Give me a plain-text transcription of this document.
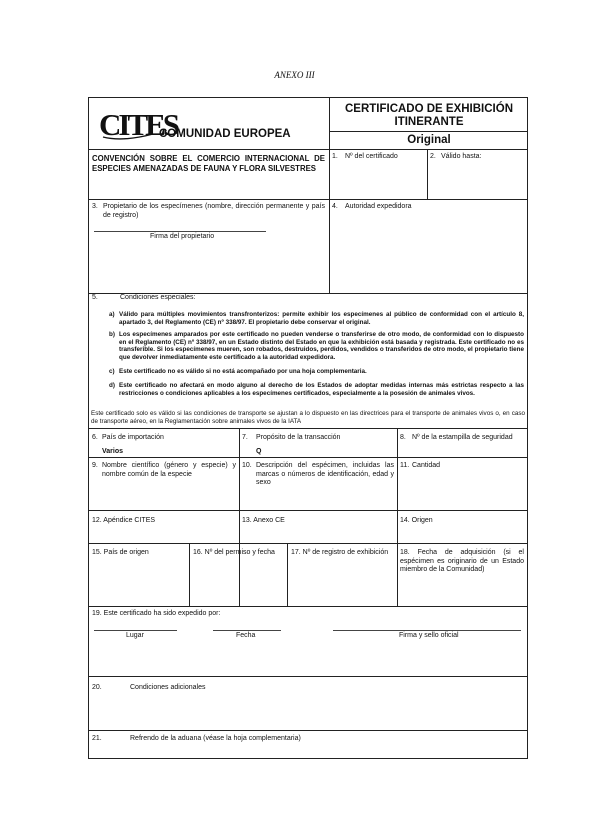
ANEXO III
CITES
COMUNIDAD EUROPEA
CERTIFICADO DE EXHIBICIÓN ITINERANTE
Original
CONVENCIÓN SOBRE EL COMERCIO INTERNACIONAL DE ESPECIES AMENAZADAS DE FAUNA Y FLORA SILVESTRES
1. Nº del certificado	2. Válido hasta:
3. Propietario de los especímenes (nombre, dirección permanente y país de registro)
Firma del propietario
4. Autoridad expedidora
5.	Condiciones especiales:
a) Válido para múltiples movimientos transfronterizos: permite exhibir los especímenes al público de conformidad con el artículo 8, apartado 3, del Reglamento (CE) nº 338/97. El propietario debe conservar el original.
b) Los especímenes amparados por este certificado no pueden venderse o transferirse de otro modo, de conformidad con lo dispuesto en el Reglamento (CE) nº 338/97, en un Estado distinto del Estado en que la exhibición está basada y registrada. Este certificado no es transferible. Si los especímenes mueren, son robados, destruidos, perdidos, vendidos o transferidos de otro modo, el propietario tiene que devolver inmediatamente este certificado a la autoridad expedidora.
c) Este certificado no es válido si no está acompañado por una hoja complementaria.
d) Este certificado no afectará en modo alguno al derecho de los Estados de adoptar medidas internas más estrictas respecto a las restricciones o condiciones aplicables a los especímenes certificados, especialmente a la posesión de animales vivos.
Este certificado solo es válido si las condiciones de transporte se ajustan a lo dispuesto en las directrices para el transporte de animales vivos o, en caso de transporte aéreo, en la Reglamentación sobre animales vivos de la IATA
6. País de importación
Varios
7. Propósito de la transacción
Q
8. Nº de la estampilla de seguridad
9. Nombre científico (género y especie) y nombre común de la especie
10. Descripción del espécimen, incluidas las marcas o números de identificación, edad y sexo
11. Cantidad
12. Apéndice CITES	13. Anexo CE	14. Origen
15. País de origen	16. Nº del permiso y fecha 17. Nº de registro de exhibición 18. Fecha de adquisición (si el espécimen es originario de un Estado miembro de la Comunidad)
19. Este certificado ha sido expedido por:
Lugar	Fecha	Firma y sello oficial
20.	Condiciones adicionales
21.	Refrendo de la aduana (véase la hoja complementaria)
